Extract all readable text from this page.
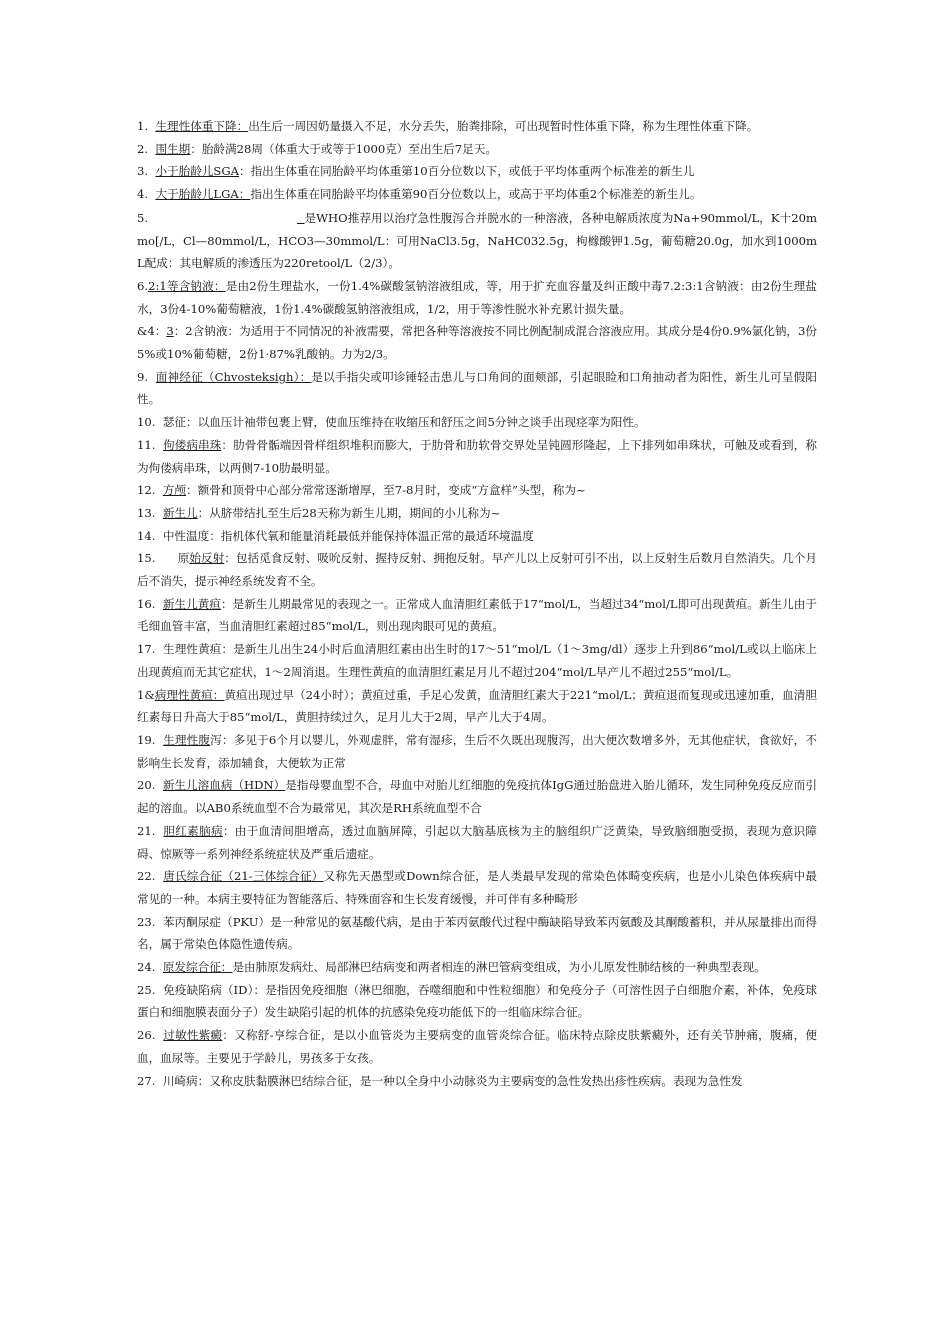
1.  生理性体重下降：出生后一周因奶量摄入不足，水分丢失，胎粪排除，可出现暂时性体重下降，称为生理性体重下降。
2.  围生期：胎龄满28周（体重大于或等于1000克）至出生后7足天。
3.  小于胎龄儿SGA：指出生体重在同胎龄平均体重第10百分位数以下，或低于平均体重两个标准差的新生儿
4.  大于胎龄儿LGA：指出生体重在同胎龄平均体重第90百分位数以上，或高于平均体重2个标准差的新生儿。
5.                                          是WHO推荐用以治疗急性腹泻合并脱水的一种溶液，各种电解质浓度为Na+90mmol/L，K十20mmo[/L，Cl—80mmol/L，HCO3—30mmol/L：可用NaCl3.5g，NaHC032.5g，枸橼酸钾1.5g，葡萄糖20.0g，加水到1000mL配成：其电解质的渗透压为220retool/L（2/3）。
6.2:1等含钠液：是由2份生理盐水，一份1.4%碳酸氢钠溶液组成，等，用于扩充血容量及纠正酸中毒7.2:3:1含钠液：由2份生理盐水，3份4-10%葡萄糖液，1份1.4%碳酸氢钠溶液组成，1/2，用于等渗性脱水补充累计损失量。
&4：3：2含钠液：为适用于不同情况的补液需要，常把各种等溶液按不同比例配制成混合溶液应用。其成分是4份0.9%氯化钠，3份5%或10%葡萄糖，2份1·87%乳酸钠。力为2/3。
9.  面神经征（Chvosteksigh）：是以手指尖或叩诊锤轻击患儿与口角间的面颊部，引起眼睑和口角抽动者为阳性，新生儿可呈假阳性。
10.  瑟征：以血压计袖带包裹上臂，使血压维持在收缩压和舒压之间5分钟之谈手出现痉挛为阳性。
11.  佝偻病串珠：肋骨骨骺端因骨样组织堆积而膨大，于肋骨和肋软骨交界处呈钝圆形隆起，上下排列如串珠状，可触及或看到，称为佝偻病串珠，以两侧7-10肋最明显。
12.  方颅：额骨和顶骨中心部分常常逐渐增厚，至7-8月时，变成“方盒样”头型，称为~
13.  新生儿：从脐带结扎至生后28天称为新生儿期，期间的小儿称为~
14.  中性温度：指机体代氧和能量消耗最低并能保持体温正常的最适环境温度
15.      原始反射：包括觅食反射、吸吮反射、握持反射、拥抱反射。早产儿以上反射可引不出，以上反射生后数月自然消失。几个月后不消失，提示神经系统发育不全。
16.  新生儿黄疸：是新生儿期最常见的表现之一。正常成人血清胆红素低于17“mol/L，当超过34“mol/L即可出现黄疸。新生儿由于毛细血管丰富，当血清胆红素超过85“mol/L，则出现肉眼可见的黄疸。
17.  生理性黄疸：是新生儿出生24小时后血清胆红素由出生时的17～51“mol/L（1～3mg/dl）逐步上升到86“mol/L或以上临床上出现黄疸而无其它症状，1～2周消退。生理性黄疸的血清胆红素足月儿不超过204“mol/L早产儿不超过255“mol/L。
1&病理性黄疸：黄疸出现过早（24小时）；黄疸过重，手足心发黄，血清胆红素大于221“mol/L；黄疸退而复现或迅速加重，血清胆红素每日升高大于85“mol/L，黄胆持续过久，足月儿大于2周，早产儿大于4周。
19.  生理性腹泻：多见于6个月以婴儿，外观虚胖，常有湿疹，生后不久既出现腹泻，出大便次数增多外，无其他症状，食欲好，不影响生长发育，添加辅食，大便软为正常
20.  新生儿溶血病（HDN）是指母婴血型不合，母血中对胎儿红细胞的免疫抗体IgG通过胎盘进入胎儿循环，发生同种免疫反应而引起的溶血。以AB0系统血型不合为最常见，其次是RH系统血型不合
21.  胆红素脑病：由于血清间胆增高，透过血脑屏障，引起以大脑基底核为主的脑组织广泛黄染，导致脑细胞受损，表现为意识障碍、惊厥等一系列神经系统症状及严重后遗症。
22.  唐氏综合征（21-三体综合征）又称先天愚型或Down综合征，是人类最早发现的常染色体畸变疾病，也是小儿染色体疾病中最常见的一种。本病主要特征为智能落后、特殊面容和生长发育缓慢，并可伴有多种畸形
23.  苯丙酮尿症（PKU）是一种常见的氨基酸代病，是由于苯丙氨酸代过程中酶缺陷导致苯丙氨酸及其酮酸蓄积，并从尿量排出而得名，属于常染色体隐性遗传病。
24.  原发综合征：是由肺原发病灶、局部淋巴结病变和两者相连的淋巴管病变组成，为小儿原发性肺结核的一种典型表现。
25.  免疫缺陷病（ID）：是指因免疫细胞（淋巴细胞，吞噬细胞和中性粒细胞）和免疫分子（可溶性因子白细胞介素，补体，免疫球蛋白和细胞膜表面分子）发生缺陷引起的机体的抗感染免疫功能低下的一组临床综合征。
26.  过敏性紫癜：又称舒-亨综合征，是以小血管炎为主要病变的血管炎综合征。临床特点除皮肤紫癜外，还有关节肿痛，腹痛，便血，血尿等。主要见于学龄儿，男孩多于女孩。
27.  川崎病：又称皮肤黏膜淋巴结综合征，是一种以全身中小动脉炎为主要病变的急性发热出疹性疾病。表现为急性发
